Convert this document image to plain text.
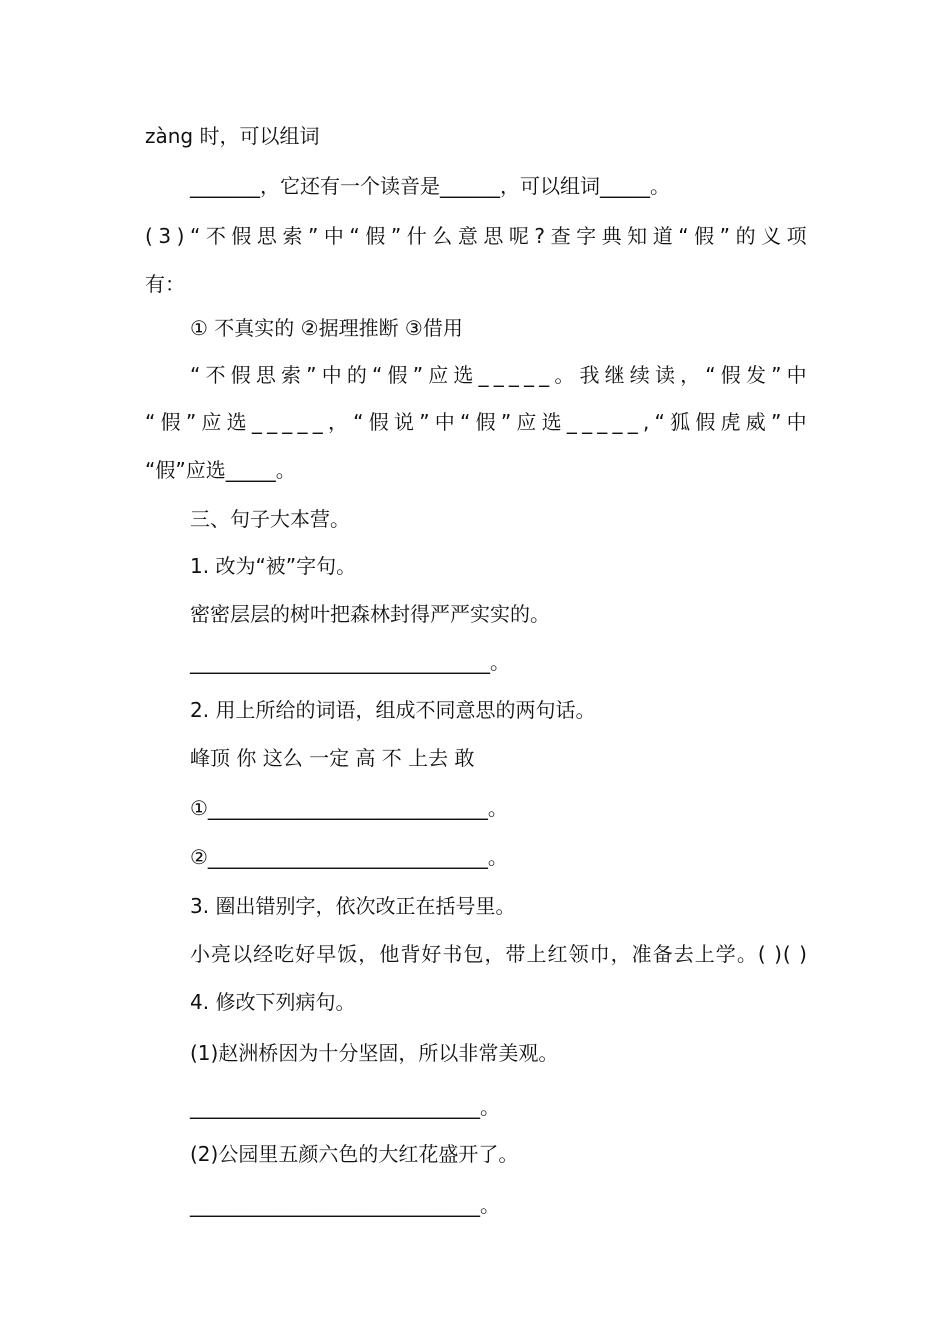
zàng 时，可以组词
_______，它还有一个读音是______，可以组词_____。
( 3 ) “ 不 假 思 索 ” 中 “ 假 ” 什 么 意 思 呢 ? 查 字 典 知 道 “ 假 ” 的 义 项
有：
① 不真实的 ②据理推断 ③借用
“ 不 假 思 索 ” 中 的 “ 假 ” 应 选 _ _ _ _ _ 。 我 继 续 读 ， “ 假 发 ” 中
“ 假 ” 应 选 _ _ _ _ _ ， “ 假 说 ” 中 “ 假 ” 应 选 _ _ _ _ _ , “ 狐 假 虎 威 ” 中
“假”应选_____。
三、句子大本营。
1. 改为“被”字句。
密密层层的树叶把森林封得严严实实的。
______________________________。
2. 用上所给的词语，组成不同意思的两句话。
峰顶 你 这么 一定 高 不 上去 敢
①____________________________。
②____________________________。
3. 圈出错别字，依次改正在括号里。
小 亮 以 经 吃 好 早 饭 ， 他 背 好 书 包 ， 带 上 红 领 巾 ， 准 备 去 上 学 。 (
) (
)
4. 修改下列病句。
(1)赵洲桥因为十分坚固，所以非常美观。
_____________________________。
(2)公园里五颜六色的大红花盛开了。
_____________________________。
